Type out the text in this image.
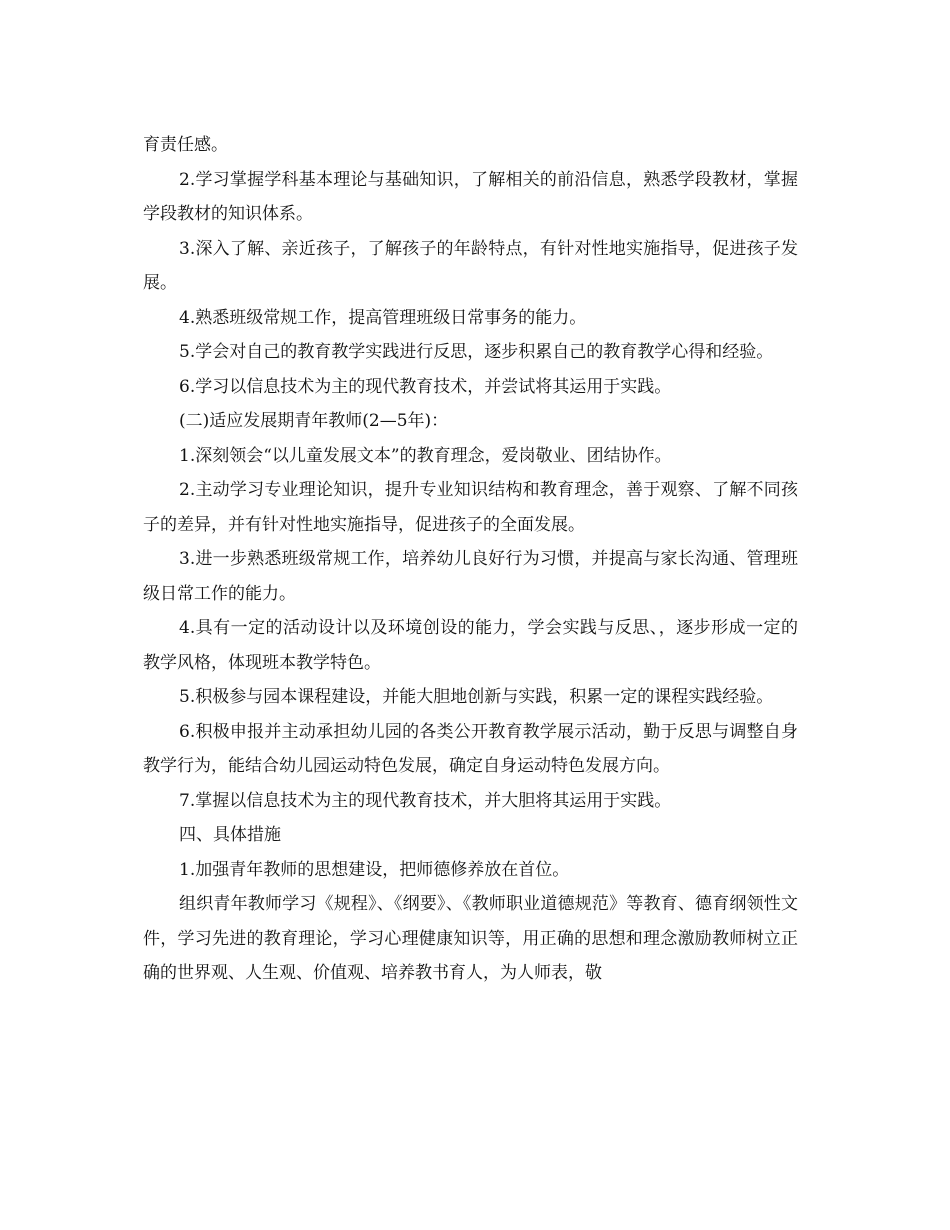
育责任感。

2.学习掌握学科基本理论与基础知识，了解相关的前沿信息，熟悉学段教材，掌握学段教材的知识体系。

3.深入了解、亲近孩子，了解孩子的年龄特点，有针对性地实施指导，促进孩子发展。

4.熟悉班级常规工作，提高管理班级日常事务的能力。

5.学会对自己的教育教学实践进行反思，逐步积累自己的教育教学心得和经验。

6.学习以信息技术为主的现代教育技术，并尝试将其运用于实践。

(二)适应发展期青年教师(2—5年)：

1.深刻领会“以儿童发展文本”的教育理念，爱岗敬业、团结协作。

2.主动学习专业理论知识，提升专业知识结构和教育理念，善于观察、了解不同孩子的差异，并有针对性地实施指导，促进孩子的全面发展。

3.进一步熟悉班级常规工作，培养幼儿良好行为习惯，并提高与家长沟通、管理班级日常工作的能力。

4.具有一定的活动设计以及环境创设的能力，学会实践与反思、，逐步形成一定的教学风格，体现班本教学特色。

5.积极参与园本课程建设，并能大胆地创新与实践，积累一定的课程实践经验。

6.积极申报并主动承担幼儿园的各类公开教育教学展示活动，勤于反思与调整自身教学行为，能结合幼儿园运动特色发展，确定自身运动特色发展方向。

7.掌握以信息技术为主的现代教育技术，并大胆将其运用于实践。

四、具体措施

1.加强青年教师的思想建设，把师德修养放在首位。

组织青年教师学习《规程》、《纲要》、《教师职业道德规范》等教育、德育纲领性文件，学习先进的教育理论，学习心理健康知识等，用正确的思想和理念激励教师树立正确的世界观、人生观、价值观、培养教书育人，为人师表，敬
